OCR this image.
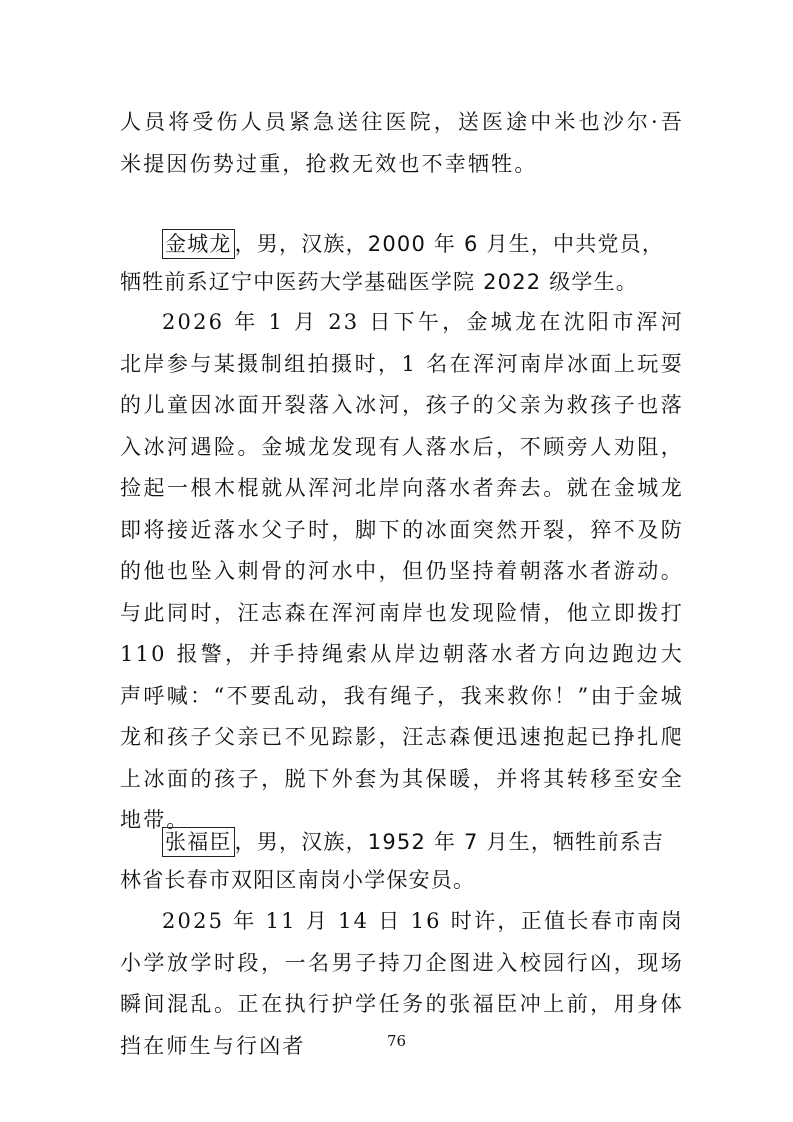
人员将受伤人员紧急送往医院，送医途中米也沙尔·吾米提因伤势过重，抢救无效也不幸牺牲。

金城龙 ，男，汉族，2000 年 6 月生，中共党员，牺牲前系辽宁中医药大学基础医学院 2022 级学生。

2026 年 1 月 23 日下午，金城龙在沈阳市浑河北岸参与某摄制组拍摄时，1 名在浑河南岸冰面上玩耍的儿童因冰面开裂落入冰河，孩子的父亲为救孩子也落入冰河遇险。金城龙发现有人落水后，不顾旁人劝阻，捡起一根木棍就从浑河北岸向落水者奔去。就在金城龙即将接近落水父子时，脚下的冰面突然开裂，猝不及防的他也坠入刺骨的河水中，但仍坚持着朝落水者游动。与此同时，汪志森在浑河南岸也发现险情，他立即拨打 110 报警，并手持绳索从岸边朝落水者方向边跑边大声呼喊：“不要乱动，我有绳子，我来救你！”由于金城龙和孩子父亲已不见踪影，汪志森便迅速抱起已挣扎爬上冰面的孩子，脱下外套为其保暖，并将其转移至安全地带。

张福臣 ，男，汉族，1952 年 7 月生，牺牲前系吉林省长春市双阳区南岗小学保安员。

2025 年 11 月 14 日 16 时许，正值长春市南岗小学放学时段，一名男子持刀企图进入校园行凶，现场瞬间混乱。正在执行护学任务的张福臣冲上前，用身体挡在师生与行凶者	76
